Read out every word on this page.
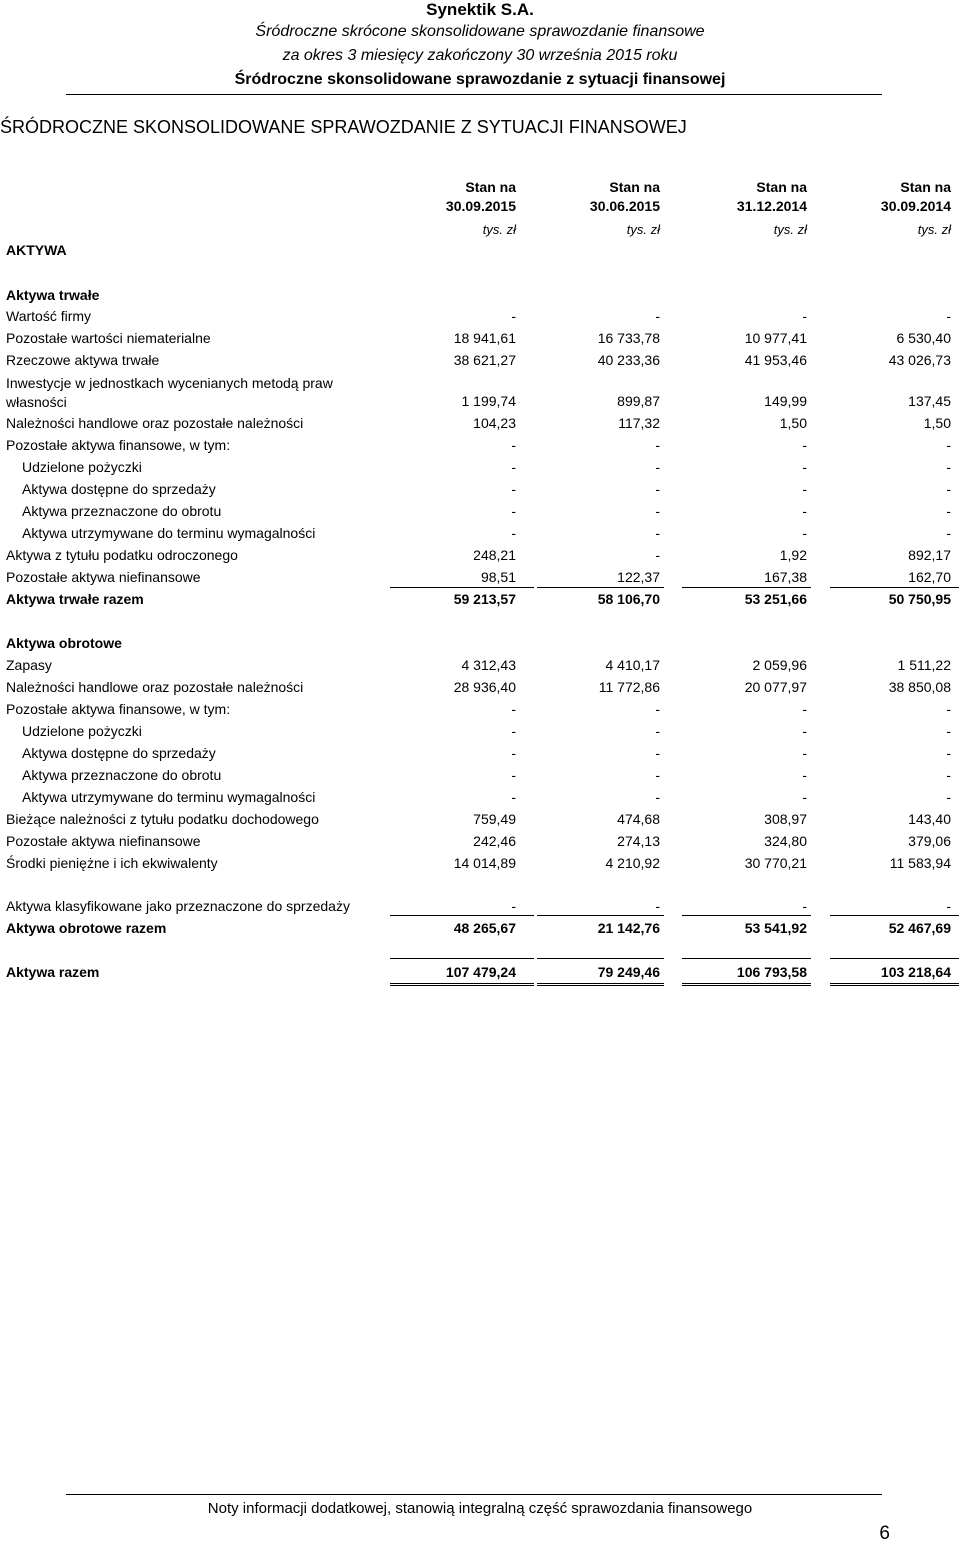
Synektik S.A.
Śródroczne skrócone skonsolidowane sprawozdanie finansowe
za okres 3 miesięcy zakończony 30 września 2015 roku
Śródroczne skonsolidowane sprawozdanie z sytuacji finansowej
ŚRÓDROCZNE SKONSOLIDOWANE SPRAWOZDANIE Z SYTUACJI FINANSOWEJ
Stan na
30.09.2015
Stan na
30.06.2015
Stan na
31.12.2014
Stan na
30.09.2014
tys. zł	tys. zł	tys. zł	tys. zł
AKTYWA
Aktywa trwałe
Wartość firmy	-	-	-	-
Pozostałe wartości niematerialne	18 941,61	16 733,78	10 977,41	6 530,40
Rzeczowe aktywa trwałe	38 621,27	40 233,36	41 953,46	43 026,73
Inwestycje w jednostkach wycenianych metodą praw
własności	1 199,74	899,87	149,99	137,45
Należności handlowe oraz pozostałe należności	104,23	117,32	1,50	1,50
Pozostałe aktywa finansowe, w tym:	-	-	-	-
Udzielone pożyczki	-	-	-	-
Aktywa dostępne do sprzedaży	-	-	-	-
Aktywa przeznaczone do obrotu	-	-	-	-
Aktywa utrzymywane do terminu wymagalności	-	-	-	-
Aktywa z tytułu podatku odroczonego	248,21	-	1,92	892,17
Pozostałe aktywa niefinansowe	98,51	122,37	167,38	162,70
Aktywa trwałe razem	59 213,57	58 106,70	53 251,66	50 750,95
Aktywa obrotowe
Zapasy	4 312,43	4 410,17	2 059,96	1 511,22
Należności handlowe oraz pozostałe należności	28 936,40	11 772,86	20 077,97	38 850,08
Pozostałe aktywa finansowe, w tym:	-	-	-	-
Udzielone pożyczki	-	-	-	-
Aktywa dostępne do sprzedaży	-	-	-	-
Aktywa przeznaczone do obrotu	-	-	-	-
Aktywa utrzymywane do terminu wymagalności	-	-	-	-
Bieżące należności z tytułu podatku dochodowego	759,49	474,68	308,97	143,40
Pozostałe aktywa niefinansowe	242,46	274,13	324,80	379,06
Środki pieniężne i ich ekwiwalenty	14 014,89	4 210,92	30 770,21	11 583,94
Aktywa klasyfikowane jako przeznaczone do sprzedaży	-	-	-	-
Aktywa obrotowe razem	48 265,67	21 142,76	53 541,92	52 467,69
Aktywa razem	107 479,24	79 249,46	106 793,58	103 218,64
Noty informacji dodatkowej, stanowią integralną część sprawozdania finansowego
6
